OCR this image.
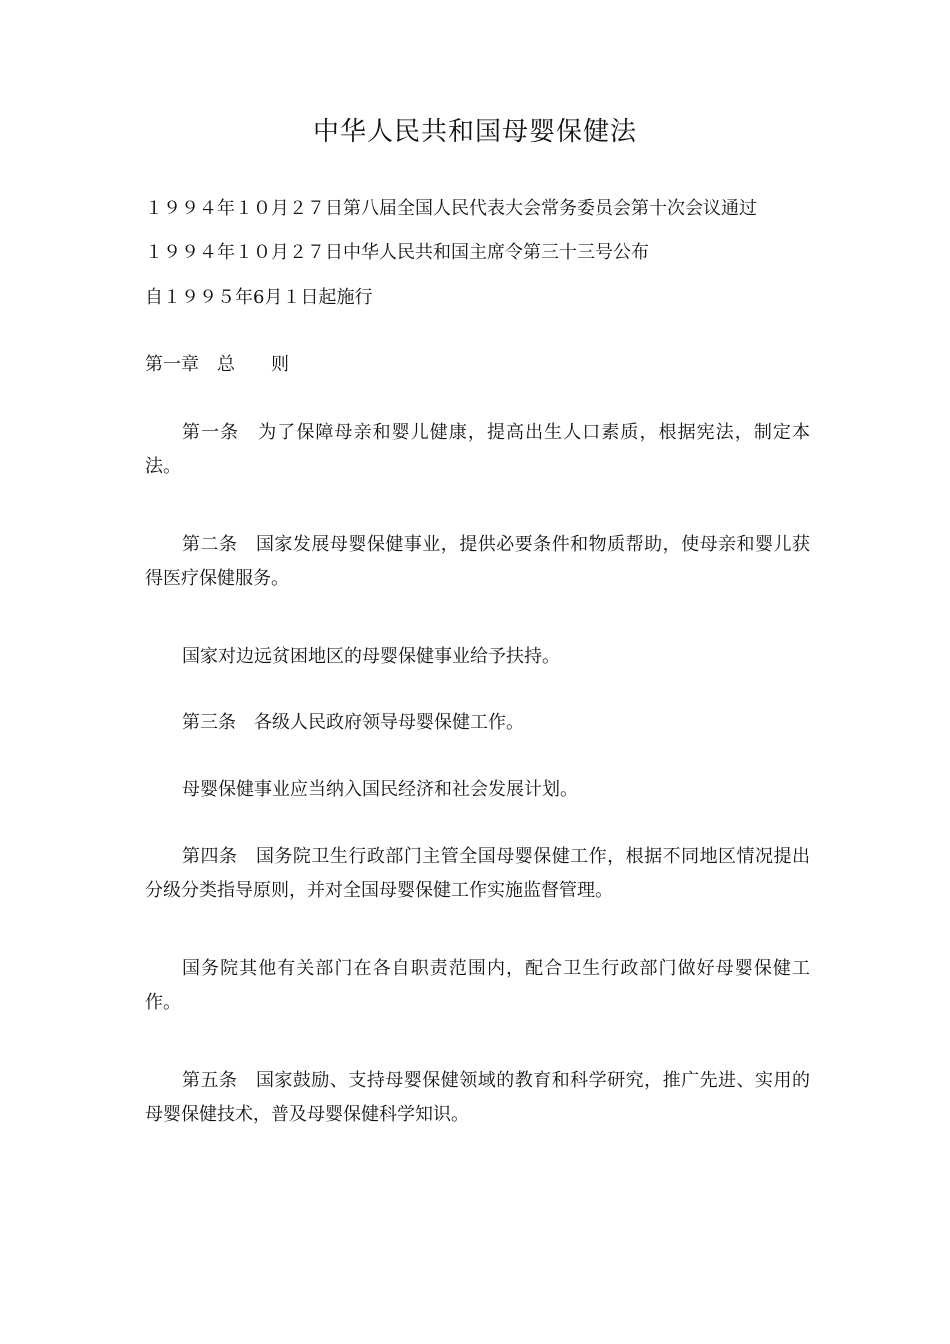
中华人民共和国母婴保健法
１９９４年１０月２７日第八届全国人民代表大会常务委员会第十次会议通过
１９９４年１０月２７日中华人民共和国主席令第三十三号公布
自１９９５年6月１日起施行
第一章　总　　则

第一条　为了保障母亲和婴儿健康，提高出生人口素质，根据宪法，制定本法。

第二条　国家发展母婴保健事业，提供必要条件和物质帮助，使母亲和婴儿获得医疗保健服务。

国家对边远贫困地区的母婴保健事业给予扶持。

第三条　各级人民政府领导母婴保健工作。

母婴保健事业应当纳入国民经济和社会发展计划。

第四条　国务院卫生行政部门主管全国母婴保健工作，根据不同地区情况提出分级分类指导原则，并对全国母婴保健工作实施监督管理。

国务院其他有关部门在各自职责范围内，配合卫生行政部门做好母婴保健工作。

第五条　国家鼓励、支持母婴保健领域的教育和科学研究，推广先进、实用的母婴保健技术，普及母婴保健科学知识。
